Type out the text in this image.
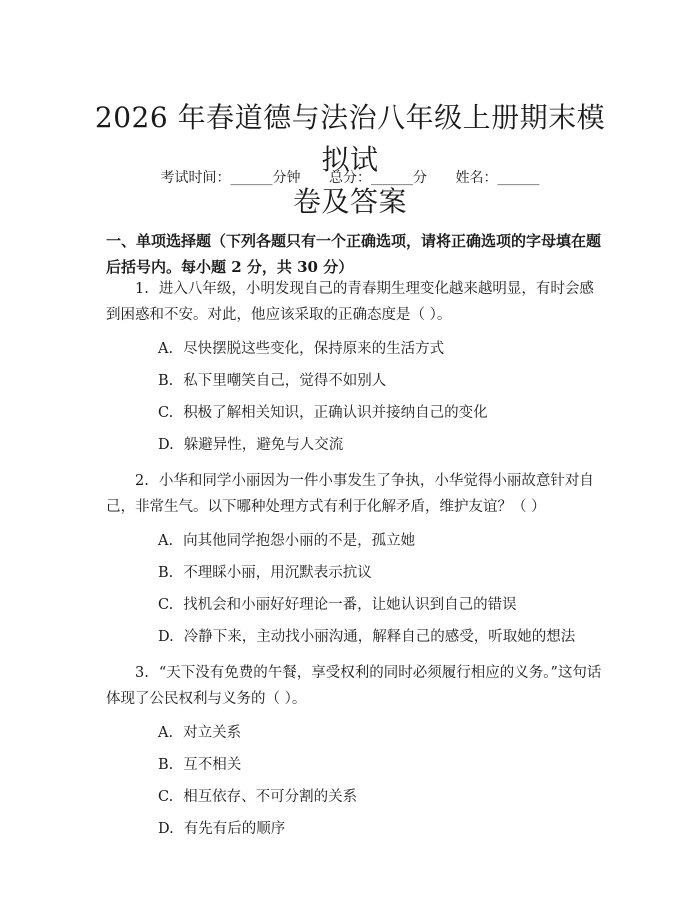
2026 年春道德与法治八年级上册期末模拟试
卷及答案
考试时间：______分钟 总分：______分 姓名：______

一、单项选择题（下列各题只有一个正确选项，请将正确选项的字母填在题后括号内。每小题 2 分，共 30 分）

1. 进入八年级，小明发现自己的青春期生理变化越来越明显，有时会感到困惑和不安。对此，他应该采取的正确态度是（ ）。

A. 尽快摆脱这些变化，保持原来的生活方式
B. 私下里嘲笑自己，觉得不如别人
C. 积极了解相关知识，正确认识并接纳自己的变化
D. 躲避异性，避免与人交流

2. 小华和同学小丽因为一件小事发生了争执，小华觉得小丽故意针对自己，非常生气。以下哪种处理方式有利于化解矛盾，维护友谊？（ ）

A. 向其他同学抱怨小丽的不是，孤立她
B. 不理睬小丽，用沉默表示抗议
C. 找机会和小丽好好理论一番，让她认识到自己的错误
D. 冷静下来，主动找小丽沟通，解释自己的感受，听取她的想法

3. “天下没有免费的午餐，享受权利的同时必须履行相应的义务。”这句话体现了公民权利与义务的（ ）。

A. 对立关系
B. 互不相关
C. 相互依存、不可分割的关系
D. 有先有后的顺序
